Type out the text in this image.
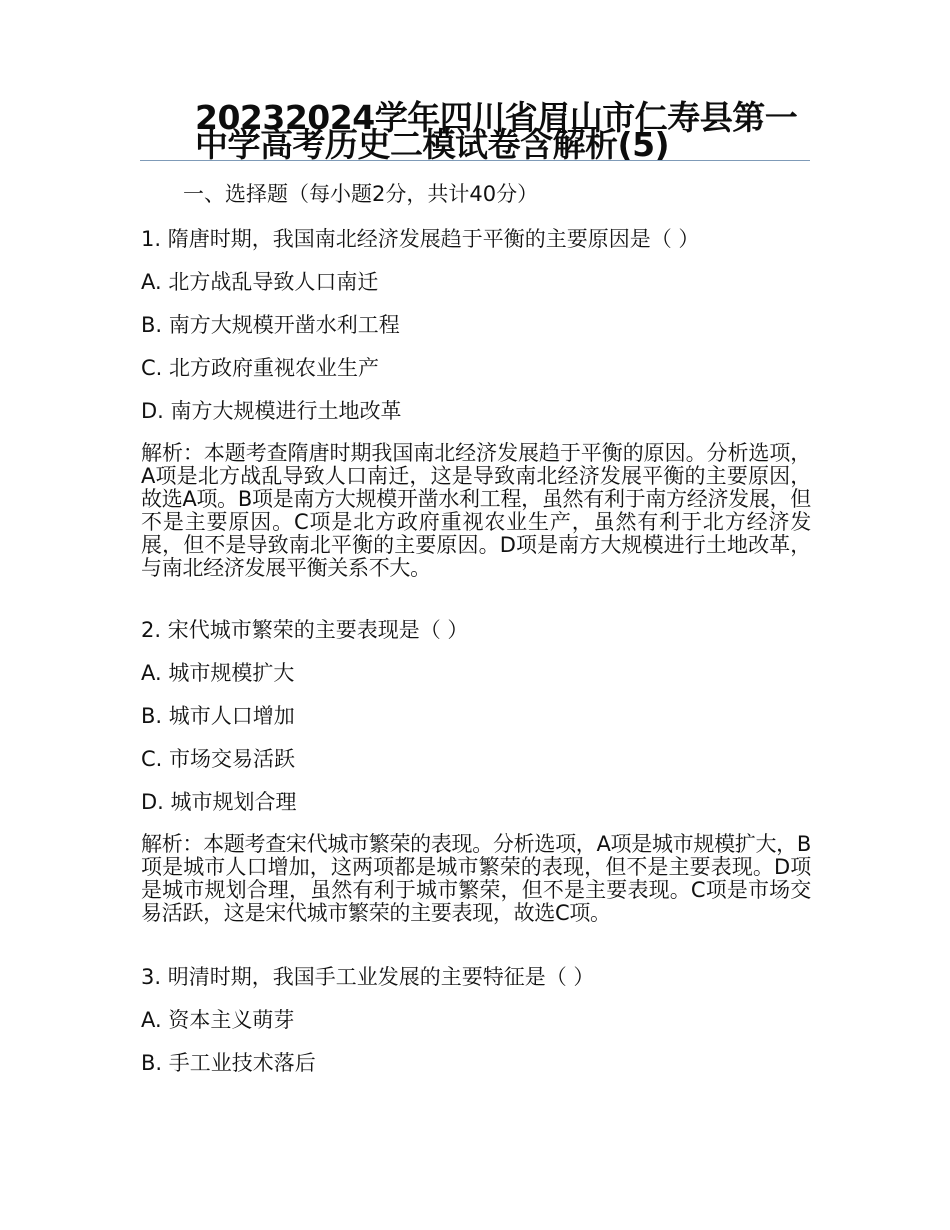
20232024学年四川省眉山市仁寿县第一中学高考历史二模试卷含解析(5)

一、选择题（每小题2分，共计40分）

1. 隋唐时期，我国南北经济发展趋于平衡的主要原因是（ ）

A. 北方战乱导致人口南迁

B. 南方大规模开凿水利工程

C. 北方政府重视农业生产

D. 南方大规模进行土地改革

解析：本题考查隋唐时期我国南北经济发展趋于平衡的原因。分析选项，A项是北方战乱导致人口南迁，这是导致南北经济发展平衡的主要原因，故选A项。B项是南方大规模开凿水利工程，虽然有利于南方经济发展，但不是主要原因。C项是北方政府重视农业生产，虽然有利于北方经济发展，但不是导致南北平衡的主要原因。D项是南方大规模进行土地改革，与南北经济发展平衡关系不大。

2. 宋代城市繁荣的主要表现是（ ）

A. 城市规模扩大

B. 城市人口增加

C. 市场交易活跃

D. 城市规划合理

解析：本题考查宋代城市繁荣的表现。分析选项，A项是城市规模扩大，B项是城市人口增加，这两项都是城市繁荣的表现，但不是主要表现。D项是城市规划合理，虽然有利于城市繁荣，但不是主要表现。C项是市场交易活跃，这是宋代城市繁荣的主要表现，故选C项。

3. 明清时期，我国手工业发展的主要特征是（ ）

A. 资本主义萌芽

B. 手工业技术落后
